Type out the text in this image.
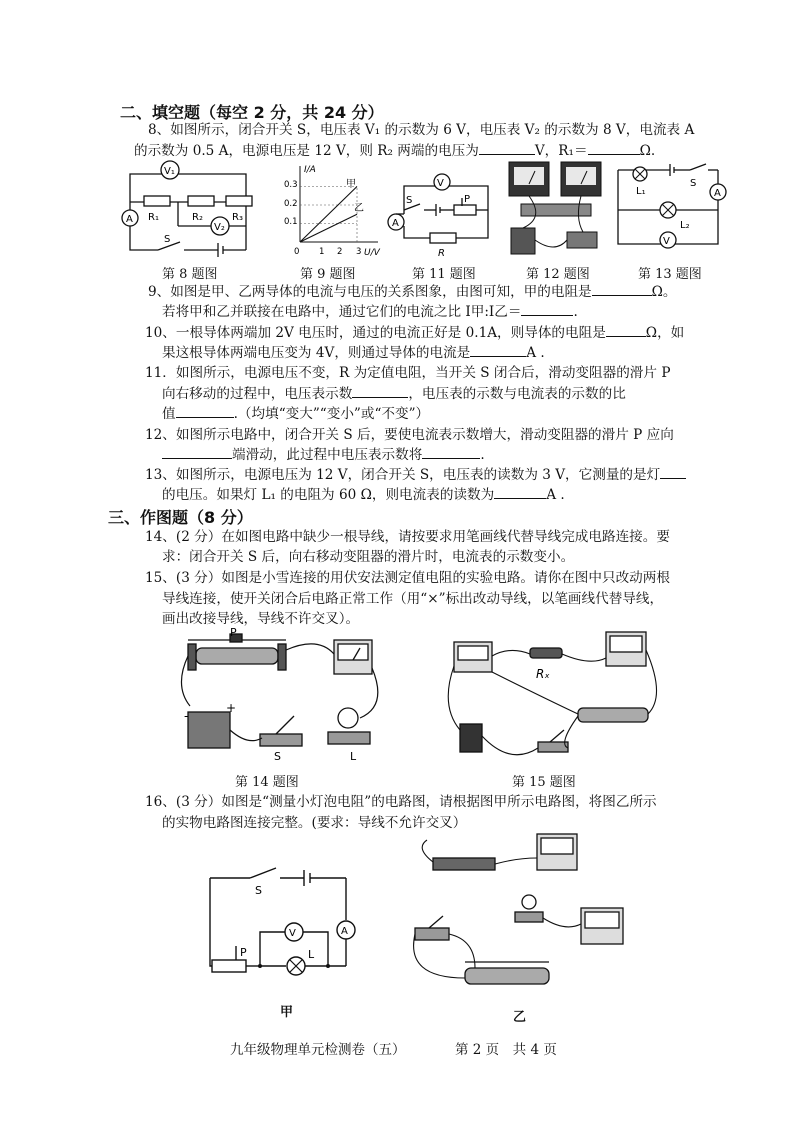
二、填空题（每空 2 分，共 24 分）
8、如图所示，闭合开关 S，电压表 V₁ 的示数为 6 V，电压表 V₂ 的示数为 8 V，电流表 A
的示数为 0.5 A，电源电压是 12 V，则 R₂ 两端的电压为	V，R₁＝	Ω.
V₁
V₂
A R₁	R₂	R₃
S
I/A
U/V
0.3
0.2
0.1
0 1 2 3
甲
乙
V
A
S	P
R
L₁
S
A
L₂
V
第 8 题图	第 9 题图	第 11 题图	第 12 题图	第 13 题图
9、如图是甲、乙两导体的电流与电压的关系图象，由图可知，甲的电阻是	Ω。
若将甲和乙并联接在电路中，通过它们的电流之比 I甲:I乙＝	.
10、一根导体两端加 2V 电压时，通过的电流正好是 0.1A，则导体的电阻是	Ω，如
果这根导体两端电压变为 4V，则通过导体的电流是	A .
11．如图所示，电源电压不变，R 为定值电阻，当开关 S 闭合后，滑动变阻器的滑片 P
向右移动的过程中，电压表示数	，电压表的示数与电流表的示数的比
值	.（均填“变大”“变小”或“不变”）
12、如图所示电路中，闭合开关 S 后，要使电流表示数增大，滑动变阻器的滑片 P 应向
端滑动，此过程中电压表示数将	.
13、如图所示，电源电压为 12 V，闭合开关 S，电压表的读数为 3 V，它测量的是灯
的电压。如果灯 L₁ 的电阻为 60 Ω，则电流表的读数为	A .
三、作图题（8 分）
14、(2 分）在如图电路中缺少一根导线，请按要求用笔画线代替导线完成电路连接。要
求：闭合开关 S 后，向右移动变阻器的滑片时，电流表的示数变小。
15、(3 分）如图是小雪连接的用伏安法测定值电阻的实验电路。请你在图中只改动两根
导线连接，使开关闭合后电路正常工作（用“×”标出改动导线，以笔画线代替导线，
画出改接导线，导线不许交叉）。
P
-
+
S	L
Rₓ
第 14 题图	第 15 题图
16、(3 分）如图是“测量小灯泡电阻”的电路图，请根据图甲所示电路图，将图乙所示
的实物电路图连接完整。(要求：导线不允许交叉）
S
P
V	A
L
甲	乙
九年级物理单元检测卷（五）	第 2 页　共 4 页
